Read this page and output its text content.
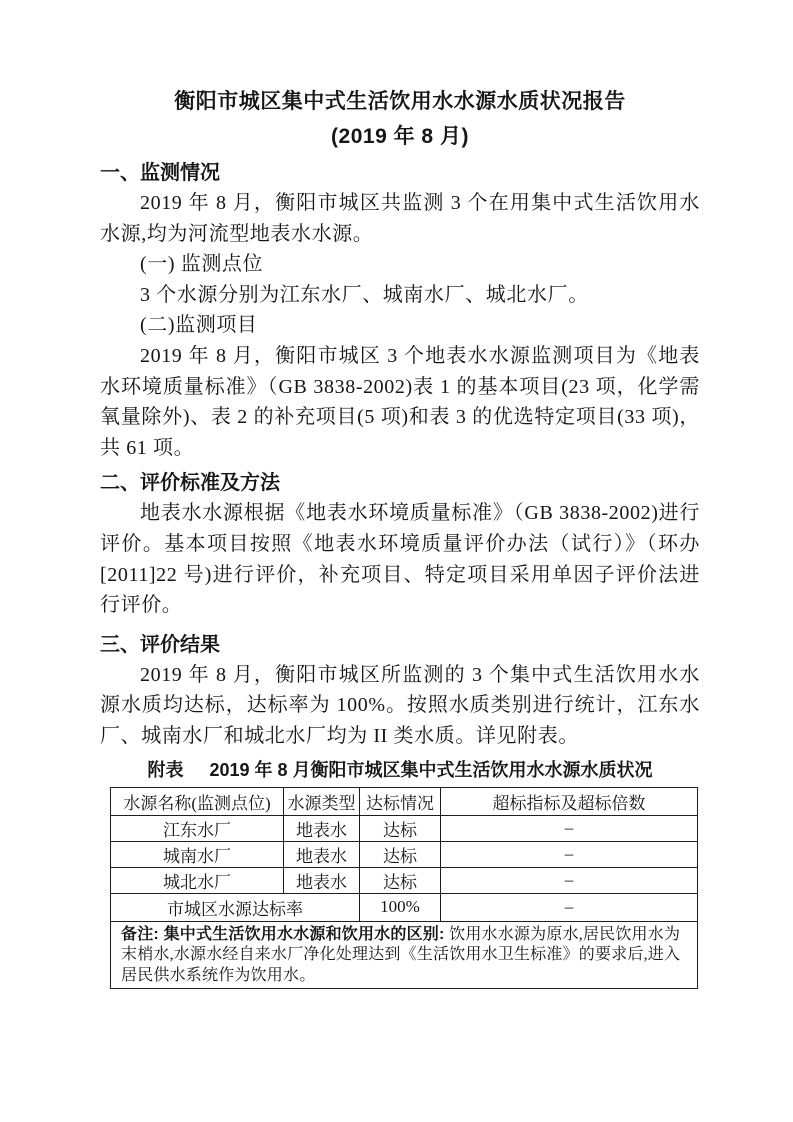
衡阳市城区集中式生活饮用水水源水质状况报告
(2019 年 8 月)
一、监测情况

2019 年 8 月，衡阳市城区共监测 3 个在用集中式生活饮用水水源,均为河流型地表水水源。

(一) 监测点位

3 个水源分别为江东水厂、城南水厂、城北水厂。

(二)监测项目

2019 年 8 月，衡阳市城区 3 个地表水水源监测项目为《地表水环境质量标准》（GB 3838-2002)表 1 的基本项目(23 项，化学需氧量除外)、表 2 的补充项目(5 项)和表 3 的优选特定项目(33 项)，共 61 项。

二、评价标准及方法

地表水水源根据《地表水环境质量标准》（GB 3838-2002)进行评价。基本项目按照《地表水环境质量评价办法（试行）》（环办[2011]22 号)进行评价，补充项目、特定项目采用单因子评价法进行评价。

三、评价结果

2019 年 8 月，衡阳市城区所监测的 3 个集中式生活饮用水水源水质均达标，达标率为 100%。按照水质类别进行统计，江东水厂、城南水厂和城北水厂均为 II 类水质。详见附表。

附表 2019 年 8 月衡阳市城区集中式生活饮用水水源水质状况
水源名称(监测点位)	水源类型	达标情况	超标指标及超标倍数
江东水厂	地表水	达标	–
城南水厂	地表水	达标	–
城北水厂	地表水	达标	–
市城区水源达标率		100%	–
备注: 集中式生活饮用水水源和饮用水的区别: 饮用水水源为原水,居民饮用水为末梢水,水源水经自来水厂净化处理达到《生活饮用水卫生标准》的要求后,进入居民供水系统作为饮用水。			
